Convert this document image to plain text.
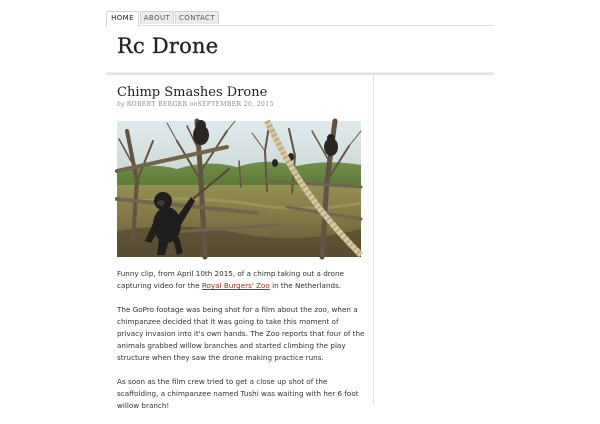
HOME	ABOUT	CONTACT
Rc Drone
Chimp Smashes Drone
by ROBERT BERGER onSEPTEMBER 20, 2015

Funny clip, from April 10th 2015, of a chimp taking out a drone capturing video for the Royal Burgers' Zoo in the Netherlands.

The GoPro footage was being shot for a film about the zoo, when a chimpanzee decided that it was going to take this moment of privacy invasion into it's own hands. The Zoo reports that four of the animals grabbed willow branches and started climbing the play structure when they saw the drone making practice runs.

As soon as the film crew tried to get a close up shot of the scaffolding, a chimpanzee named Tushi was waiting with her 6 foot willow branch!
